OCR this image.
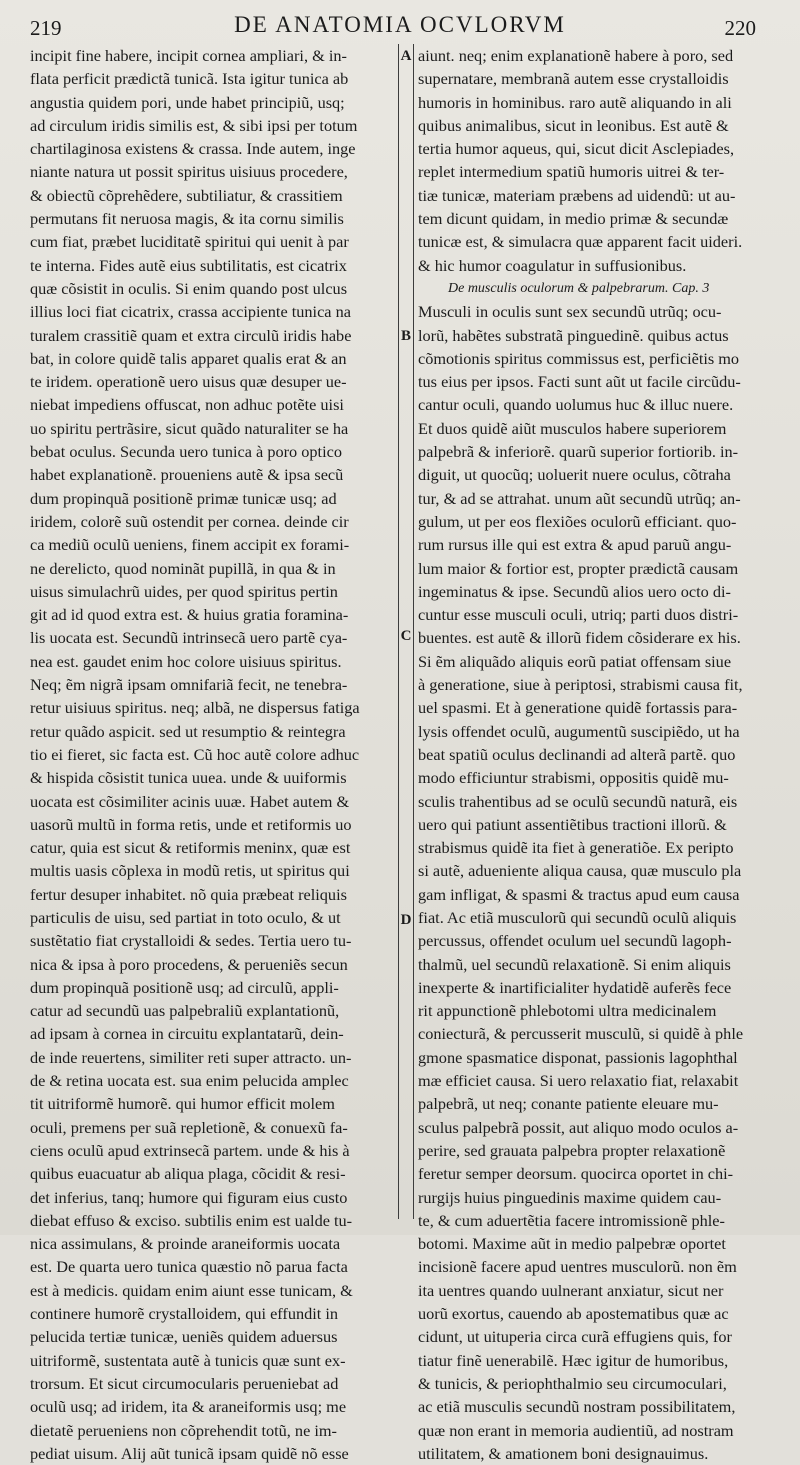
219	DE ANATOMIA OCVLORVM	220
A
B
C
D
incipit fine habere, incipit cornea ampliari, & in-
flata perficit prædictã tunicã. Ista igitur tunica ab
angustia quidem pori, unde habet principiũ, usq;
ad circulum iridis similis est, & sibi ipsi per totum
chartilaginosa existens & crassa. Inde autem, inge
niante natura ut possit spiritus uisiuus procedere,
& obiectũ cõprehẽdere, subtiliatur, & crassitiem
permutans fit neruosa magis, & ita cornu similis
cum fiat, præbet luciditatẽ spiritui qui uenit à par
te interna. Fides autẽ eius subtilitatis, est cicatrix
quæ cõsistit in oculis. Si enim quando post ulcus
illius loci fiat cicatrix, crassa accipiente tunica na
turalem crassitiẽ quam et extra circulũ iridis habe
bat, in colore quidẽ talis apparet qualis erat & an
te iridem. operationẽ uero uisus quæ desuper ue-
niebat impediens offuscat, non adhuc potẽte uisi
uo spiritu pertrãsire, sicut quãdo naturaliter se ha
bebat oculus. Secunda uero tunica à poro optico
habet explanationẽ. proueniens autẽ & ipsa secũ
dum propinquã positionẽ primæ tunicæ usq; ad
iridem, colorẽ suũ ostendit per cornea. deinde cir
ca mediũ oculũ ueniens, finem accipit ex forami-
ne derelicto, quod nominãt pupillã, in qua & in
uisus simulachrũ uides, per quod spiritus pertin
git ad id quod extra est. & huius gratia foramina-
lis uocata est. Secundũ intrinsecã uero partẽ cya-
nea est. gaudet enim hoc colore uisiuus spiritus.
Neq; ẽm nigrã ipsam omnifariã fecit, ne tenebra-
retur uisiuus spiritus. neq; albã, ne dispersus fatiga
retur quãdo aspicit. sed ut resumptio & reintegra
tio ei fieret, sic facta est. Cũ hoc autẽ colore adhuc
& hispida cõsistit tunica uuea. unde & uuiformis
uocata est cõsimiliter acinis uuæ. Habet autem &
uasorũ multũ in forma retis, unde et retiformis uo
catur, quia est sicut & retiformis meninx, quæ est
multis uasis cõplexa in modũ retis, ut spiritus qui
fertur desuper inhabitet. nõ quia præbeat reliquis
particulis de uisu, sed partiat in toto oculo, & ut
sustẽtatio fiat crystalloidi & sedes. Tertia uero tu-
nica & ipsa à poro procedens, & perueniẽs secun
dum propinquã positionẽ usq; ad circulũ, appli-
catur ad secundũ uas palpebraliũ explantationũ,
ad ipsam à cornea in circuitu explantatarũ, dein-
de inde reuertens, similiter reti super attracto. un-
de & retina uocata est. sua enim pelucida amplec
tit uitriformẽ humorẽ. qui humor efficit molem
oculi, premens per suã repletionẽ, & conuexũ fa-
ciens oculũ apud extrinsecã partem. unde & his à
quibus euacuatur ab aliqua plaga, cõcidit & resi-
det inferius, tanq; humore qui figuram eius custo
diebat effuso & exciso. subtilis enim est ualde tu-
nica assimulans, & proinde araneiformis uocata
est. De quarta uero tunica quæstio nõ parua facta
est à medicis. quidam enim aiunt esse tunicam, &
continere humorẽ crystalloidem, qui effundit in
pelucida tertiæ tunicæ, ueniẽs quidem aduersus
uitriformẽ, sustentata autẽ à tunicis quæ sunt ex-
trorsum. Et sicut circumocularis perueniebat ad
oculũ usq; ad iridem, ita & araneiformis usq; me
dietatẽ perueniens non cõprehendit totũ, ne im-
pediat uisum. Alij aũt tunicã ipsam quidẽ nõ esse
aiunt. neq; enim explanationẽ habere à poro, sed
supernatare, membranã autem esse crystalloidis
humoris in hominibus. raro autẽ aliquando in ali
quibus animalibus, sicut in leonibus. Est autẽ &
tertia humor aqueus, qui, sicut dicit Asclepiades,
replet intermedium spatiũ humoris uitrei & ter-
tiæ tunicæ, materiam præbens ad uidendũ: ut au-
tem dicunt quidam, in medio primæ & secundæ
tunicæ est, & simulacra quæ apparent facit uideri.
& hic humor coagulatur in suffusionibus.
De musculis oculorum & palpebrarum. Cap. 3
Musculi in oculis sunt sex secundũ utrũq; ocu-
lorũ, habẽtes substratã pinguedinẽ. quibus actus
cõmotionis spiritus commissus est, perficiẽtis mo
tus eius per ipsos. Facti sunt aũt ut facile circũdu-
cantur oculi, quando uolumus huc & illuc nuere.
Et duos quidẽ aiũt musculos habere superiorem
palpebrã & inferiorẽ. quarũ superior fortiorib. in-
diguit, ut quocũq; uoluerit nuere oculus, cõtraha
tur, & ad se attrahat. unum aũt secundũ utrũq; an-
gulum, ut per eos flexiões oculorũ efficiant. quo-
rum rursus ille qui est extra & apud paruũ angu-
lum maior & fortior est, propter prædictã causam
ingeminatus & ipse. Secundũ alios uero octo di-
cuntur esse musculi oculi, utriq; parti duos distri-
buentes. est autẽ & illorũ fidem cõsiderare ex his.
Si ẽm aliquãdo aliquis eorũ patiat offensam siue
à generatione, siue à periptosi, strabismi causa fit,
uel spasmi. Et à generatione quidẽ fortassis para-
lysis offendet oculũ, augumentũ suscipiẽdo, ut ha
beat spatiũ oculus declinandi ad alterã partẽ. quo
modo efficiuntur strabismi, oppositis quidẽ mu-
sculis trahentibus ad se oculũ secundũ naturã, eis
uero qui patiunt assentiẽtibus tractioni illorũ. &
strabismus quidẽ ita fiet à generatiõe. Ex peripto
si autẽ, adueniente aliqua causa, quæ musculo pla
gam infligat, & spasmi & tractus apud eum causa
fiat. Ac etiã musculorũ qui secundũ oculũ aliquis
percussus, offendet oculum uel secundũ lagoph-
thalmũ, uel secundũ relaxationẽ. Si enim aliquis
inexperte & inartificialiter hydatidẽ auferẽs fece
rit appunctionẽ phlebotomi ultra medicinalem
coniecturã, & percusserit musculũ, si quidẽ à phle
gmone spasmatice disponat, passionis lagophthal
mæ efficiet causa. Si uero relaxatio fiat, relaxabit
palpebrã, ut neq; conante patiente eleuare mu-
sculus palpebrã possit, aut aliquo modo oculos a-
perire, sed grauata palpebra propter relaxationẽ
feretur semper deorsum. quocirca oportet in chi-
rurgijs huius pinguedinis maxime quidem cau-
te, & cum aduertẽtia facere intromissionẽ phle-
botomi. Maxime aũt in medio palpebræ oportet
incisionẽ facere apud uentres musculorũ. non ẽm
ita uentres quando uulnerant anxiatur, sicut ner
uorũ exortus, cauendo ab apostematibus quæ ac
cidunt, ut uituperia circa curã effugiens quis, for
tiatur finẽ uenerabilẽ. Hæc igitur de humoribus,
& tunicis, & periophthalmio seu circumoculari,
ac etiã musculis secundũ nostram possibilitatem,
quæ non erant in memoria audientiũ, ad nostram
utilitatem, & amationem boni designauimus.
